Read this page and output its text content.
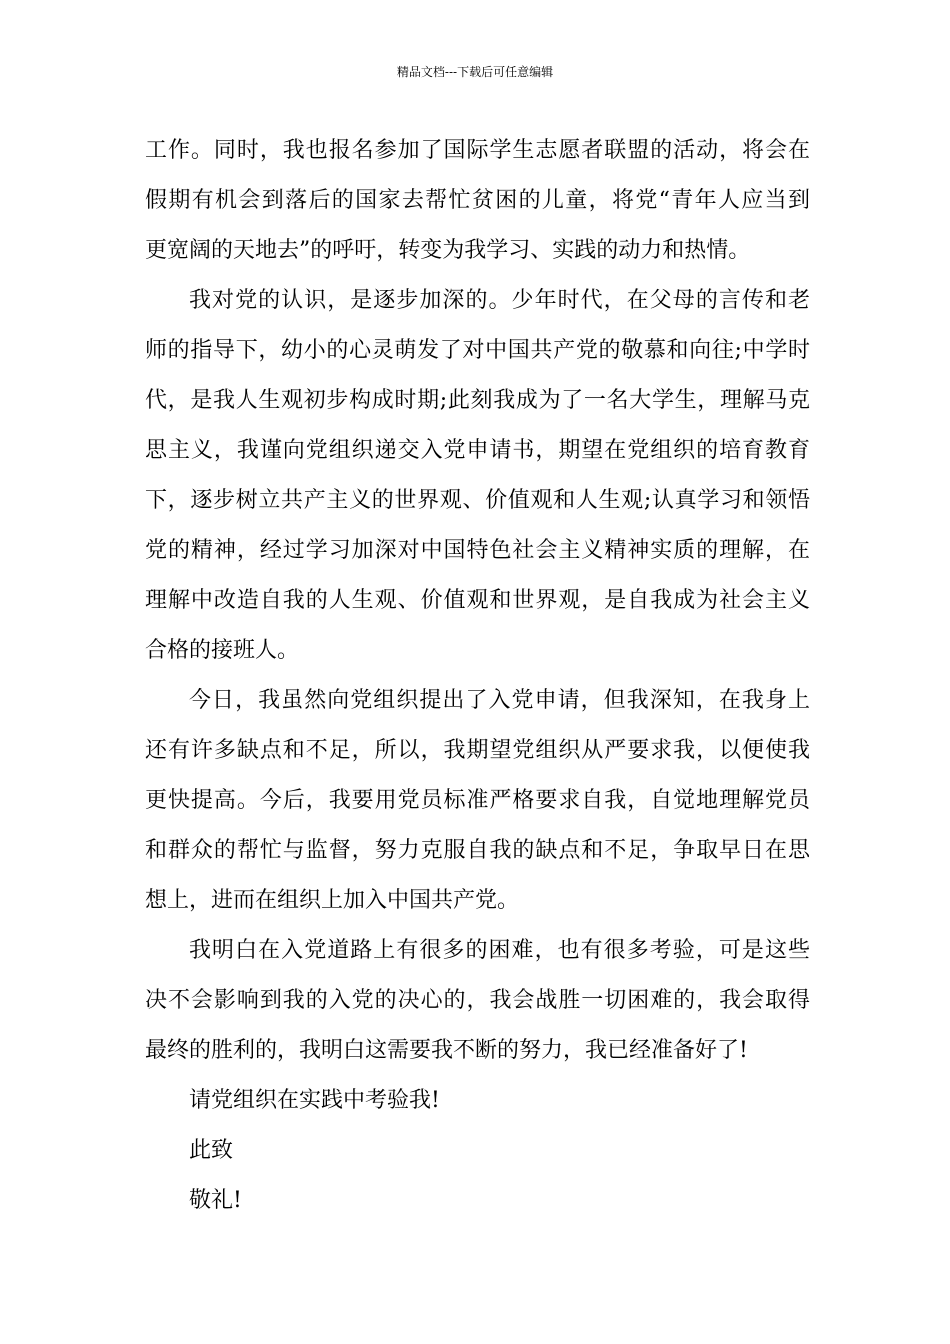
精品文档---下载后可任意编辑
工作。同时，我也报名参加了国际学生志愿者联盟的活动，将会在
假期有机会到落后的国家去帮忙贫困的儿童，将党“青年人应当到
更宽阔的天地去”的呼吁，转变为我学习、实践的动力和热情。
我对党的认识，是逐步加深的。少年时代，在父母的言传和老
师的指导下，幼小的心灵萌发了对中国共产党的敬慕和向往;中学时
代，是我人生观初步构成时期;此刻我成为了一名大学生，理解马克
思主义，我谨向党组织递交入党申请书，期望在党组织的培育教育
下，逐步树立共产主义的世界观、价值观和人生观;认真学习和领悟
党的精神，经过学习加深对中国特色社会主义精神实质的理解，在
理解中改造自我的人生观、价值观和世界观，是自我成为社会主义
合格的接班人。
今日，我虽然向党组织提出了入党申请，但我深知，在我身上
还有许多缺点和不足，所以，我期望党组织从严要求我，以便使我
更快提高。今后，我要用党员标准严格要求自我，自觉地理解党员
和群众的帮忙与监督，努力克服自我的缺点和不足，争取早日在思
想上，进而在组织上加入中国共产党。
我明白在入党道路上有很多的困难，也有很多考验，可是这些
决不会影响到我的入党的决心的，我会战胜一切困难的，我会取得
最终的胜利的，我明白这需要我不断的努力，我已经准备好了!
请党组织在实践中考验我!
此致
敬礼!
